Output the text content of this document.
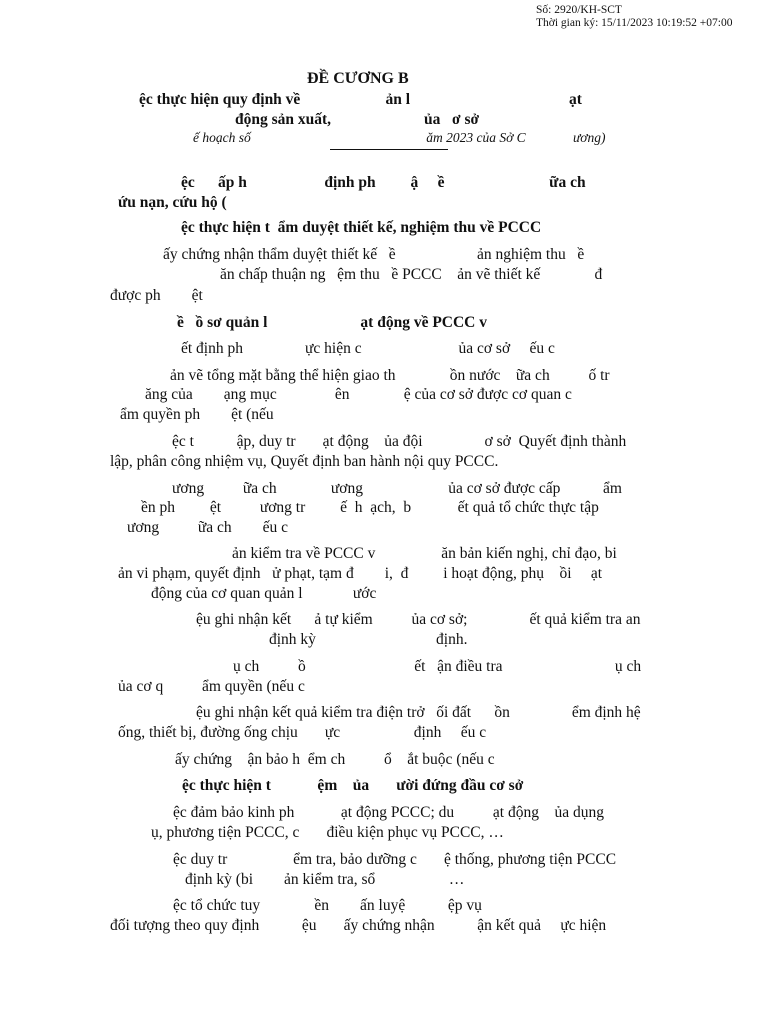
Số: 2920/KH-SCT
Thời gian ký: 15/11/2023 10:19:52 +07:00
ĐỀ CƯƠNG B
ệc thực hiện quy định về                      ản l                                         ạt
động sản xuất,                        ủa   ơ sở
ế hoạch số                                                    ăm 2023 của Sở C              ương)
ệc      ấp h                    định ph         ậ     ề                           ữa ch
ứu nạn, cứu hộ (
ệc thực hiện t  ẩm duyệt thiết kế, nghiệm thu về PCCC
ấy chứng nhận thẩm duyệt thiết kế   ề                     ản nghiệm thu   ề
ăn chấp thuận ng   ệm thu   ề PCCC    ản vẽ thiết kế              đ
được ph        ệt
ề   ồ sơ quản l                        ạt động về PCCC v
ết định ph                ực hiện c                         ủa cơ sở     ếu c
ản vẽ tổng mặt bằng thể hiện giao th              ồn nước    ữa ch          ố tr
ăng của        ạng mục               ên              ệ của cơ sở được cơ quan c
ẩm quyền ph        ệt (nếu
ệc t           ập, duy tr       ạt động    ủa đội                ơ sở  Quyết định thành
lập, phân công nhiệm vụ, Quyết định ban hành nội quy PCCC.
ương          ữa ch              ương                      ủa cơ sở được cấp           ẩm
ền ph         ệt          ương tr         ế  h  ạch,  b            ết quả tổ chức thực tập
ương          ữa ch        ếu c
ản kiểm tra về PCCC v                 ăn bản kiến nghị, chỉ đạo, bi
ản vi phạm, quyết định   ử phạt, tạm đ        i,  đ         i hoạt động, phụ    ồi     ạt
động của cơ quan quản l             ước
ệu ghi nhận kết      ả tự kiểm          ủa cơ sở;                ết quả kiểm tra an
định kỳ                               định.
ụ ch          ồ                            ết   ận điều tra                             ụ ch
ủa cơ q          ẩm quyền (nếu c
ệu ghi nhận kết quả kiểm tra điện trở   ối đất      ồn                ểm định hệ
ống, thiết bị, đường ống chịu       ực                   định     ếu c
ấy chứng    ận bảo h  ểm ch          ổ    ắt buộc (nếu c
ệc thực hiện t            ệm    ủa       ười đứng đầu cơ sở
ệc đảm bảo kinh ph            ạt động PCCC; du          ạt động    ủa dụng
ụ, phương tiện PCCC, c       điều kiện phục vụ PCCC, …
ệc duy tr                 ểm tra, bảo dưỡng c       ệ thống, phương tiện PCCC
định kỳ (bi        ản kiểm tra, sổ                   …
ệc tổ chức tuy              ền        ấn luyệ           ệp vụ
đối tượng theo quy định           ệu       ấy chứng nhận           ận kết quả     ực hiện
